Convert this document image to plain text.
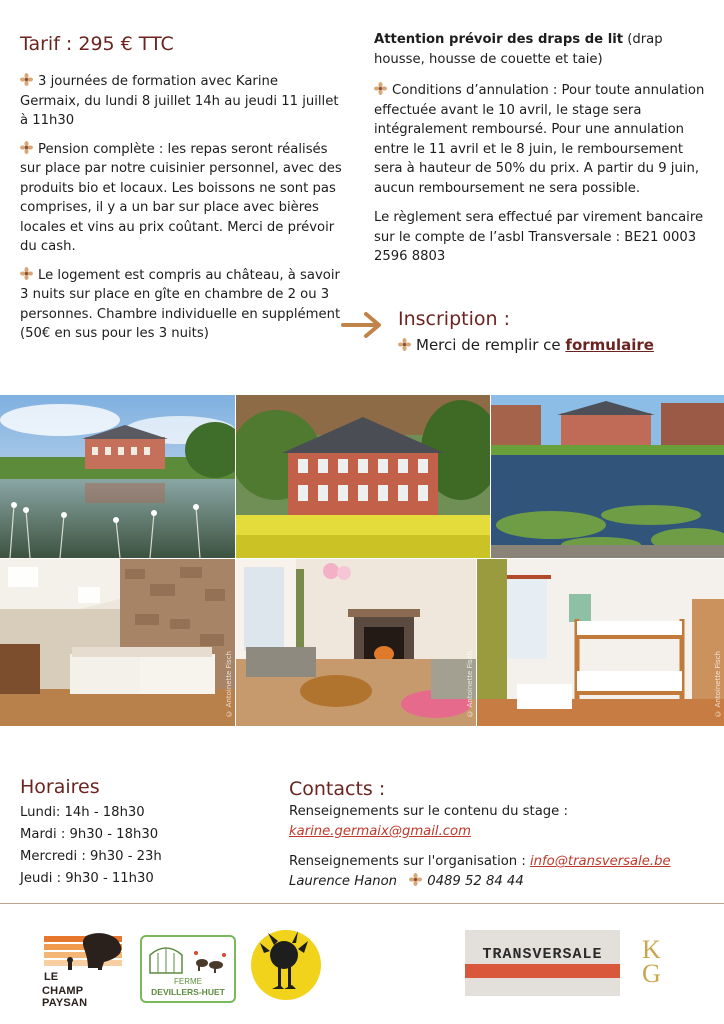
Tarif : 295 € TTC

3 journées de formation avec Karine Germaix, du lundi 8 juillet 14h au jeudi 11 juillet à 11h30

Pension complète : les repas seront réalisés sur place par notre cuisinier personnel, avec des produits bio et locaux. Les boissons ne sont pas comprises, il y a un bar sur place avec bières locales et vins au prix coûtant. Merci de prévoir du cash.

Le logement est compris au château, à savoir 3 nuits sur place en gîte en chambre de 2 ou 3 personnes. Chambre individuelle en supplément (50€ en sus pour les 3 nuits)

Attention prévoir des draps de lit (drap housse, housse de couette et taie)

Conditions d’annulation : Pour toute annulation effectuée avant le 10 avril, le stage sera intégralement remboursé. Pour une annulation entre le 11 avril et le 8 juin, le remboursement sera à hauteur de 50% du prix. A partir du 9 juin, aucun remboursement ne sera possible.

Le règlement sera effectué par virement bancaire sur le compte de l’asbl Transversale : BE21 0003 2596 8803

Inscription :
Merci de remplir ce formulaire
© Antoinette Fisch	© Antoinette Fisch	© Antoinette Fisch
Horaires

Lundi: 14h - 18h30

Mardi : 9h30 - 18h30

Mercredi : 9h30 - 23h

Jeudi : 9h30 - 11h30

Contacts :

Renseignements sur le contenu du stage :

karine.germaix@gmail.com

Renseignements sur l'organisation : info@transversale.be

Laurence Hanon 0489 52 84 44

LE
CHAMP PAYSAN
FERME
DEVILLERS-HUET
TRANSVERSALE	KG
